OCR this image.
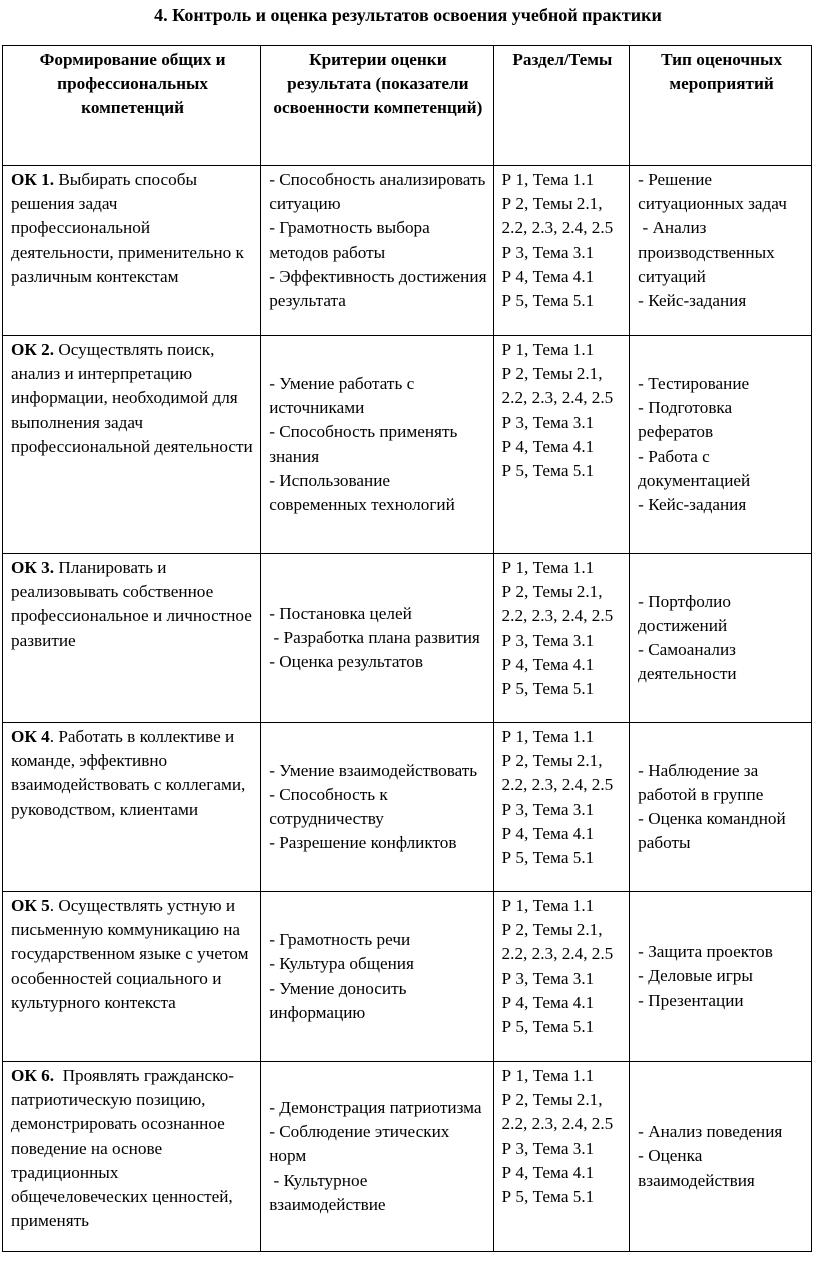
4. Контроль и оценка результатов освоения учебной практики
Формирование общих и профессиональных компетенций	Критерии оценки результата (показатели освоенности компетенций)	Раздел/Темы	Тип оценочных мероприятий
ОК 1. Выбирать способы решения задач профессиональной деятельности, применительно к различным контекстам	- Способность анализировать ситуацию
- Грамотность выбора методов работы
- Эффективность достижения результата	Р 1, Тема 1.1
Р 2, Темы 2.1, 2.2, 2.3, 2.4, 2.5
Р 3, Тема 3.1
Р 4, Тема 4.1
Р 5, Тема 5.1	- Решение ситуационных задач
- Анализ производственных ситуаций
- Кейс-задания

ОК 2. Осуществлять поиск, анализ и интерпретацию информации, необходимой для выполнения задач профессиональной деятельности	- Умение работать с источниками
- Способность применять знания
- Использование современных технологий	Р 1, Тема 1.1
Р 2, Темы 2.1, 2.2, 2.3, 2.4, 2.5
Р 3, Тема 3.1
Р 4, Тема 4.1
Р 5, Тема 5.1	- Тестирование
- Подготовка рефератов
- Работа с документацией
- Кейс-задания

ОК 3. Планировать и реализовывать собственное профессиональное и личностное развитие	- Постановка целей
- Разработка плана развития
- Оценка результатов	Р 1, Тема 1.1
Р 2, Темы 2.1, 2.2, 2.3, 2.4, 2.5
Р 3, Тема 3.1
Р 4, Тема 4.1
Р 5, Тема 5.1	- Портфолио достижений
- Самоанализ деятельности

ОК 4. Работать в коллективе и команде, эффективно взаимодействовать с коллегами, руководством, клиентами	- Умение взаимодействовать
- Способность к сотрудничеству
- Разрешение конфликтов	Р 1, Тема 1.1
Р 2, Темы 2.1, 2.2, 2.3, 2.4, 2.5
Р 3, Тема 3.1
Р 4, Тема 4.1
Р 5, Тема 5.1	- Наблюдение за работой в группе
- Оценка командной работы

ОК 5. Осуществлять устную и письменную коммуникацию на государственном языке с учетом особенностей социального и культурного контекста	- Грамотность речи
- Культура общения
- Умение доносить информацию	Р 1, Тема 1.1
Р 2, Темы 2.1, 2.2, 2.3, 2.4, 2.5
Р 3, Тема 3.1
Р 4, Тема 4.1
Р 5, Тема 5.1	- Защита проектов
- Деловые игры
- Презентации

ОК 6.  Проявлять гражданско-патриотическую позицию, демонстрировать осознанное поведение на основе традиционных общечеловеческих ценностей, применять	- Демонстрация патриотизма
- Соблюдение этических норм
- Культурное взаимодействие	Р 1, Тема 1.1
Р 2, Темы 2.1, 2.2, 2.3, 2.4, 2.5
Р 3, Тема 3.1
Р 4, Тема 4.1
Р 5, Тема 5.1	- Анализ поведения
- Оценка взаимодействия
